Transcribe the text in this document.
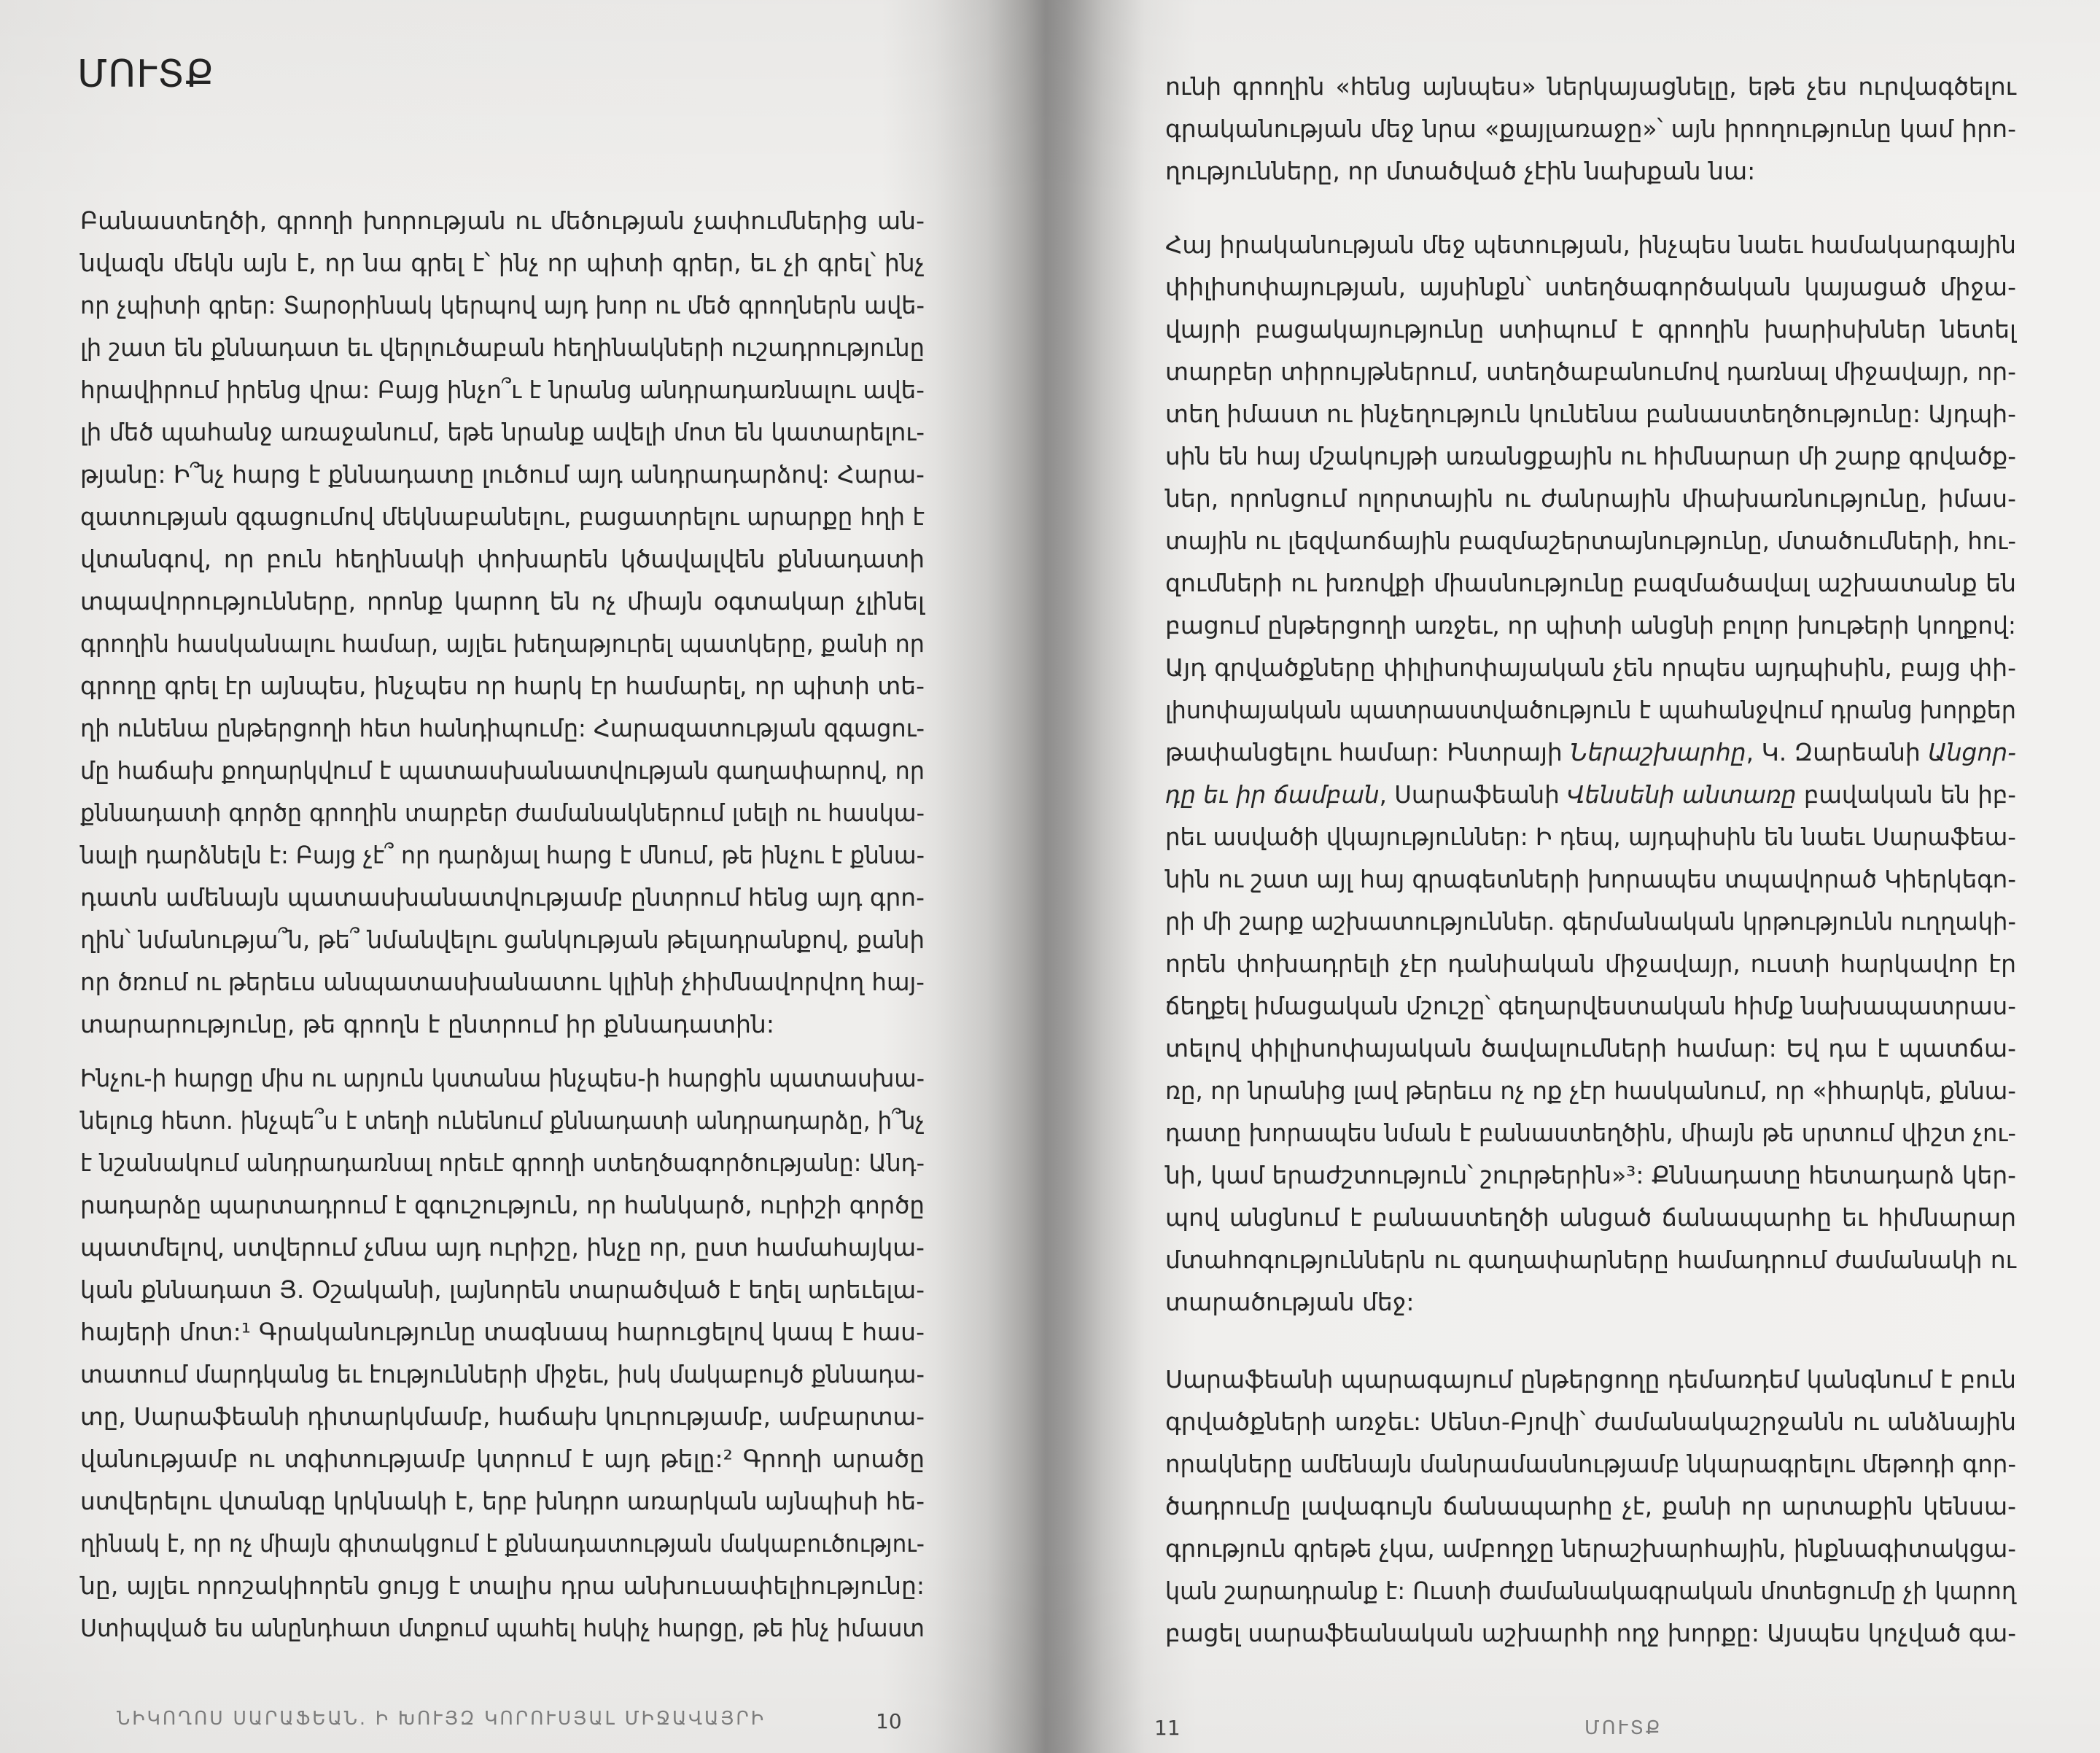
ՄՈՒՏՔ
Բանաստեղծի, գրողի խորության ու մեծության չափումներից ան-
նվազն մեկն այն է, որ նա գրել է՝ ինչ որ պիտի գրեր, եւ չի գրել՝ ինչ
որ չպիտի գրեր: Տարօրինակ կերպով այդ խոր ու մեծ գրողներն ավե-
լի շատ են քննադատ եւ վերլուծաբան հեղինակների ուշադրությունը
հրավիրում իրենց վրա: Բայց ինչո՞ւ է նրանց անդրադառնալու ավե-
լի մեծ պահանջ առաջանում, եթե նրանք ավելի մոտ են կատարելու-
թյանը: Ի՞նչ հարց է քննադատը լուծում այդ անդրադարձով: Հարա-
զատության զգացումով մեկնաբանելու, բացատրելու արարքը հղի է
վտանգով, որ բուն հեղինակի փոխարեն կծավալվեն քննադատի
տպավորությունները, որոնք կարող են ոչ միայն օգտակար չլինել
գրողին հասկանալու համար, այլեւ խեղաթյուրել պատկերը, քանի որ
գրողը գրել էր այնպես, ինչպես որ հարկ էր համարել, որ պիտի տե-
ղի ունենա ընթերցողի հետ հանդիպումը: Հարազատության զգացու-
մը հաճախ քողարկվում է պատասխանատվության գաղափարով, որ
քննադատի գործը գրողին տարբեր ժամանակներում լսելի ու հասկա-
նալի դարձնելն է: Բայց չէ՞ որ դարձյալ հարց է մնում, թե ինչու է քննա-
դատն ամենայն պատասխանատվությամբ ընտրում հենց այդ գրո-
ղին՝ նմանությա՞ն, թե՞ նմանվելու ցանկության թելադրանքով, քանի
որ ծռում ու թերեւս անպատասխանատու կլինի չհիմնավորվող հայ-
տարարությունը, թե գրողն է ընտրում իր քննադատին:
Ինչու-ի հարցը միս ու արյուն կստանա ինչպես-ի հարցին պատասխա-
նելուց հետո. ինչպե՞ս է տեղի ունենում քննադատի անդրադարձը, ի՞նչ
է նշանակում անդրադառնալ որեւէ գրողի ստեղծագործությանը: Անդ-
րադարձը պարտադրում է զգուշություն, որ հանկարծ, ուրիշի գործը
պատմելով, ստվերում չմնա այդ ուրիշը, ինչը որ, ըստ համահայկա-
կան քննադատ Յ. Օշականի, լայնորեն տարածված է եղել արեւելա-
հայերի մոտ:¹ Գրականությունը տագնապ հարուցելով կապ է հաս-
տատում մարդկանց եւ էությունների միջեւ, իսկ մակաբույծ քննադա-
տը, Սարաֆեանի դիտարկմամբ, հաճախ կուրությամբ, ամբարտա-
վանությամբ ու տգիտությամբ կտրում է այդ թելը:² Գրողի արածը
ստվերելու վտանգը կրկնակի է, երբ խնդրո առարկան այնպիսի հե-
ղինակ է, որ ոչ միայն գիտակցում է քննադատության մակաբուծությու-
նը, այլեւ որոշակիորեն ցույց է տալիս դրա անխուսափելիությունը:
Ստիպված ես անընդհատ մտքում պահել հսկիչ հարցը, թե ինչ իմաստ
ՆԻԿՈՂՈՍ ՍԱՐԱՖԵԱՆ. Ի ԽՈՒՅԶ ԿՈՐՈՒՍՅԱԼ ՄԻՋԱՎԱՅՐԻ	10
ունի գրողին «հենց այնպես» ներկայացնելը, եթե չես ուրվագծելու
գրականության մեջ նրա «քայլառաջը»՝ այն իրողությունը կամ իրո-
ղությունները, որ մտածված չէին նախքան նա:
Հայ իրականության մեջ պետության, ինչպես նաեւ համակարգային
փիլիսոփայության, այսինքն՝ ստեղծագործական կայացած միջա-
վայրի բացակայությունը ստիպում է գրողին խարիսխներ նետել
տարբեր տիրույթներում, ստեղծաբանումով դառնալ միջավայր, որ-
տեղ իմաստ ու ինչեղություն կունենա բանաստեղծությունը: Այդպի-
սին են հայ մշակույթի առանցքային ու հիմնարար մի շարք գրվածք-
ներ, որոնցում ոլորտային ու ժանրային միախառնությունը, իմաս-
տային ու լեզվաոճային բազմաշերտայնությունը, մտածումների, հու-
զումների ու խռովքի միասնությունը բազմածավալ աշխատանք են
բացում ընթերցողի առջեւ, որ պիտի անցնի բոլոր խութերի կողքով:
Այդ գրվածքները փիլիսոփայական չեն որպես այդպիսին, բայց փի-
լիսոփայական պատրաստվածություն է պահանջվում դրանց խորքեր
թափանցելու համար: Ինտրայի Ներաշխարհը, Կ. Զարեանի Անցոր-
դը եւ իր ճամբան, Սարաֆեանի Վենսենի անտառը բավական են իբ-
րեւ ասվածի վկայություններ: Ի դեպ, այդպիսին են նաեւ Սարաֆեա-
նին ու շատ այլ հայ գրագետների խորապես տպավորած Կիերկեգո-
րի մի շարք աշխատություններ. գերմանական կրթությունն ուղղակի-
որեն փոխադրելի չէր դանիական միջավայր, ուստի հարկավոր էր
ճեղքել իմացական մշուշը՝ գեղարվեստական հիմք նախապատրաս-
տելով փիլիսոփայական ծավալումների համար: Եվ դա է պատճա-
ռը, որ նրանից լավ թերեւս ոչ ոք չէր հասկանում, որ «իհարկե, քննա-
դատը խորապես նման է բանաստեղծին, միայն թե սրտում վիշտ չու-
նի, կամ երաժշտություն՝ շուրթերին»³: Քննադատը հետադարձ կեր-
պով անցնում է բանաստեղծի անցած ճանապարհը եւ հիմնարար
մտահոգություններն ու գաղափարները համադրում ժամանակի ու
տարածության մեջ:
Սարաֆեանի պարագայում ընթերցողը դեմառդեմ կանգնում է բուն
գրվածքների առջեւ: Սենտ-Բյովի՝ ժամանակաշրջանն ու անձնային
որակները ամենայն մանրամասնությամբ նկարագրելու մեթոդի գոր-
ծադրումը լավագույն ճանապարհը չէ, քանի որ արտաքին կենսա-
գրություն գրեթե չկա, ամբողջը ներաշխարհային, ինքնագիտակցա-
կան շարադրանք է: Ուստի ժամանակագրական մոտեցումը չի կարող
բացել սարաֆեանական աշխարհի ողջ խորքը: Այսպես կոչված գա-
11	ՄՈՒՏՔ
